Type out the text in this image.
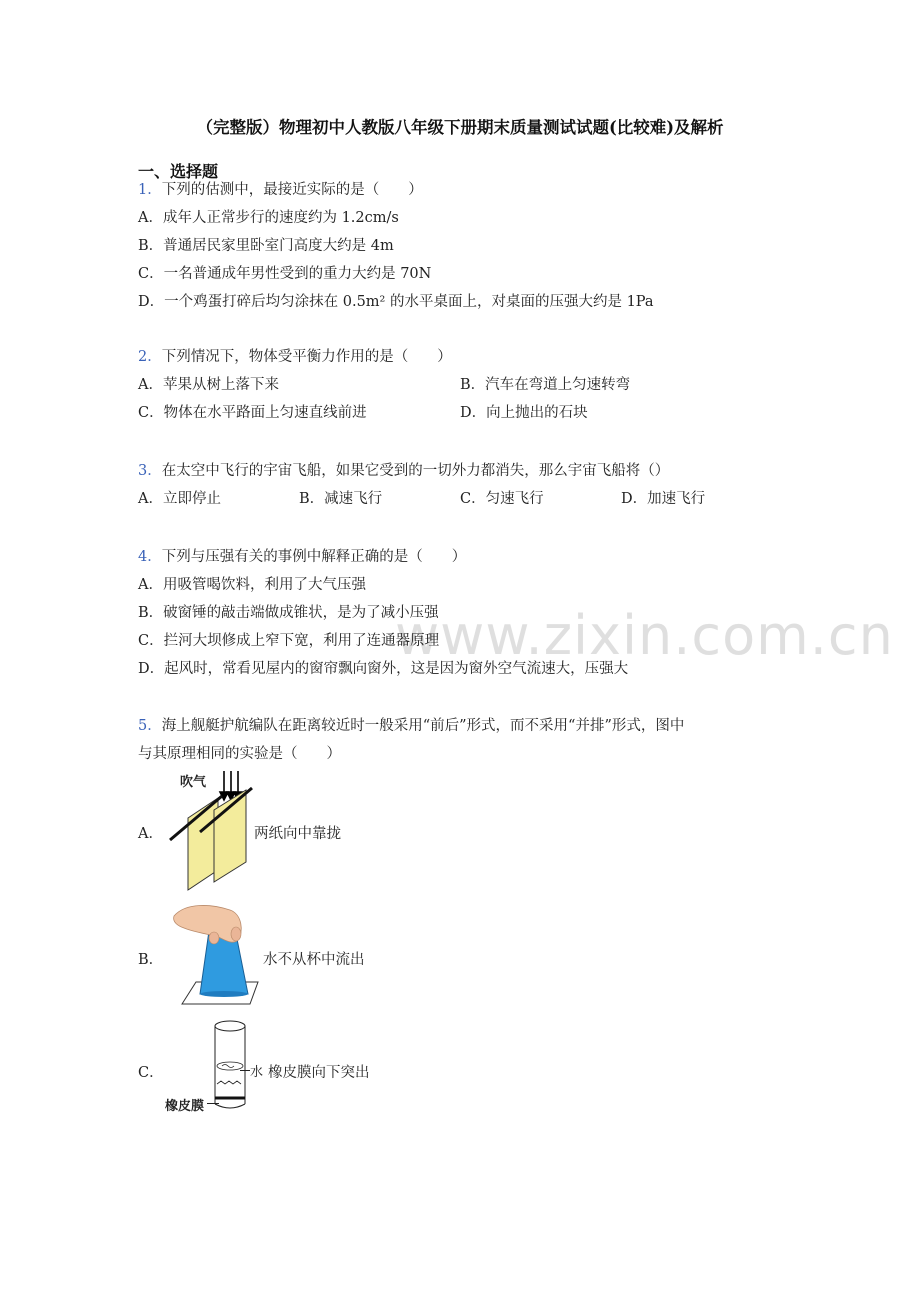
www.zixin.com.cn
（完整版）物理初中人教版八年级下册期末质量测试试题(比较难)及解析
一、选择题
1．下列的估测中，最接近实际的是（　　）
A．成年人正常步行的速度约为 1.2cm/s
B．普通居民家里卧室门高度大约是 4m
C．一名普通成年男性受到的重力大约是 70N
D．一个鸡蛋打碎后均匀涂抹在 0.5m² 的水平桌面上，对桌面的压强大约是 1Pa
2．下列情况下，物体受平衡力作用的是（　　）
A．苹果从树上落下来	B．汽车在弯道上匀速转弯
C．物体在水平路面上匀速直线前进	D．向上抛出的石块
3．在太空中飞行的宇宙飞船，如果它受到的一切外力都消失，那么宇宙飞船将（）
A．立即停止	B．减速飞行	C．匀速飞行	D．加速飞行
4．下列与压强有关的事例中解释正确的是（　　）
A．用吸管喝饮料，利用了大气压强
B．破窗锤的敲击端做成锥状，是为了减小压强
C．拦河大坝修成上窄下宽，利用了连通器原理
D．起风时，常看见屋内的窗帘飘向窗外，这是因为窗外空气流速大，压强大
5．海上舰艇护航编队在距离较近时一般采用“前后”形式，而不采用“并排”形式，图中
与其原理相同的实验是（　　）
A．
吹气
两纸向中靠拢
B．	水不从杯中流出
C．	水
橡皮膜
橡皮膜向下突出
